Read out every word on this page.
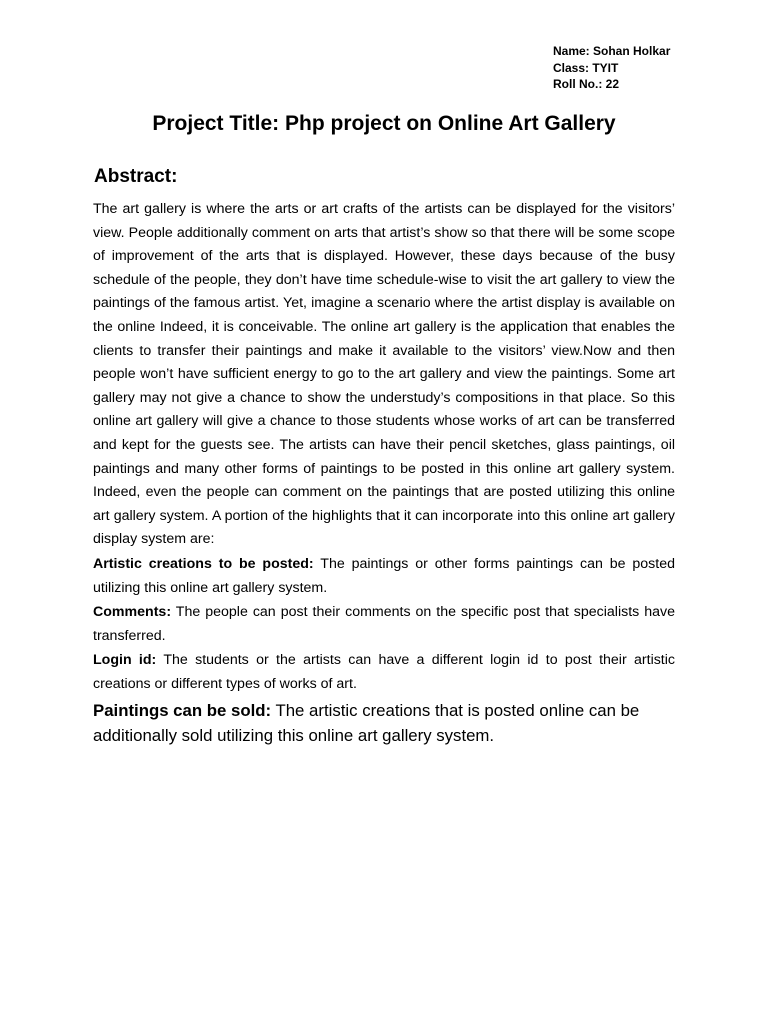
Name: Sohan Holkar
Class: TYIT
Roll No.: 22
Project Title: Php project on Online Art Gallery
Abstract:

The art gallery is where the arts or art crafts of the artists can be displayed for the visitors’ view. People additionally comment on arts that artist’s show so that there will be some scope of improvement of the arts that is displayed. However, these days because of the busy schedule of the people, they don’t have time schedule-wise to visit the art gallery to view the paintings of the famous artist. Yet, imagine a scenario where the artist display is available on the online Indeed, it is conceivable. The online art gallery is the application that enables the clients to transfer their paintings and make it available to the visitors’ view.Now and then people won’t have sufficient energy to go to the art gallery and view the paintings. Some art gallery may not give a chance to show the understudy’s compositions in that place. So this online art gallery will give a chance to those students whose works of art can be transferred and kept for the guests see. The artists can have their pencil sketches, glass paintings, oil paintings and many other forms of paintings to be posted in this online art gallery system. Indeed, even the people can comment on the paintings that are posted utilizing this online art gallery system. A portion of the highlights that it can incorporate into this online art gallery display system are:

Artistic creations to be posted: The paintings or other forms paintings can be posted utilizing this online art gallery system.

Comments: The people can post their comments on the specific post that specialists have transferred.

Login id: The students or the artists can have a different login id to post their artistic creations or different types of works of art.

Paintings can be sold: The artistic creations that is posted online can be additionally sold utilizing this online art gallery system.
